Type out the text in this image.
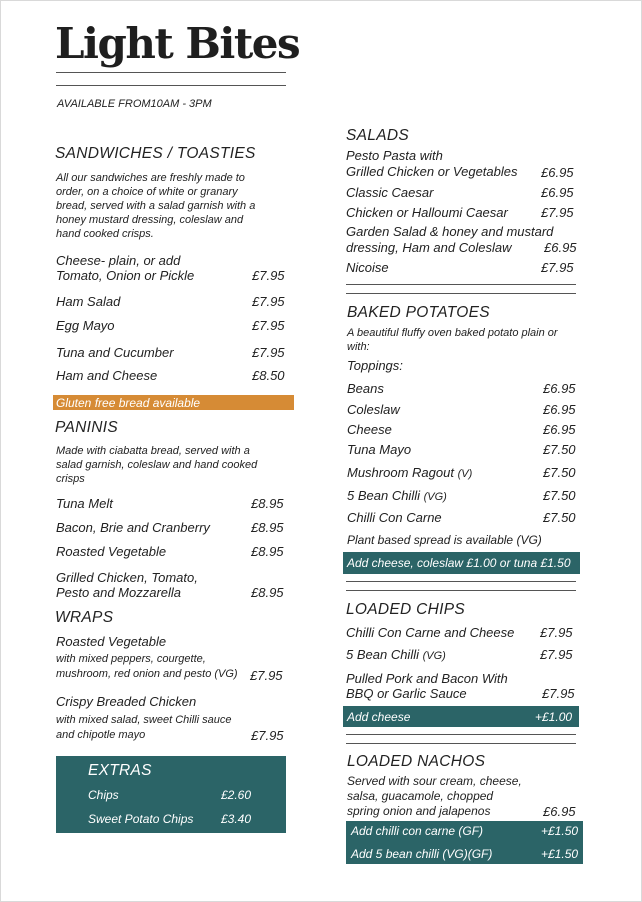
Light Bites
AVAILABLE FROM10AM - 3PM
SANDWICHES / TOASTIES
All our sandwiches are freshly made to
order, on a choice of white or granary
bread, served with a salad garnish with a
honey mustard dressing, coleslaw and
hand cooked crisps.
Cheese- plain, or add
Tomato, Onion or Pickle	£7.95
Ham Salad	£7.95
Egg Mayo	£7.95
Tuna and Cucumber	£7.95
Ham and Cheese	£8.50
Gluten free bread available
PANINIS
Made with ciabatta bread, served with a
salad garnish, coleslaw and hand cooked
crisps
Tuna Melt	£8.95
Bacon, Brie and Cranberry	£8.95
Roasted Vegetable	£8.95
Grilled Chicken, Tomato,
Pesto and Mozzarella	£8.95
WRAPS
Roasted Vegetable
with mixed peppers, courgette,
mushroom, red onion and pesto (VG) £7.95
Crispy Breaded Chicken
with mixed salad, sweet Chilli sauce
and chipotle mayo	£7.95
EXTRAS
Chips	£2.60
Sweet Potato Chips £3.40
SALADS
Pesto Pasta with
Grilled Chicken or Vegetables £6.95
Classic Caesar	£6.95
Chicken or Halloumi Caesar	£7.95
Garden Salad & honey and mustard
dressing, Ham and Coleslaw	£6.95
Nicoise	£7.95
BAKED POTATOES
A beautiful fluffy oven baked potato plain or
with:
Toppings:
Beans	£6.95
Coleslaw	£6.95
Cheese	£6.95
Tuna Mayo	£7.50
Mushroom Ragout (V)	£7.50
5 Bean Chilli (VG)	£7.50
Chilli Con Carne	£7.50
Plant based spread is available (VG)
Add cheese, coleslaw £1.00 or tuna £1.50
LOADED CHIPS
Chilli Con Carne and Cheese £7.95
5 Bean Chilli (VG)	£7.95
Pulled Pork and Bacon With
BBQ or Garlic Sauce	£7.95
Add cheese	+£1.00
LOADED NACHOS
Served with sour cream, cheese,
salsa, guacamole, chopped
spring onion and jalapenos	£6.95
Add chilli con carne (GF)	+£1.50
Add 5 bean chilli (VG)(GF)	+£1.50
